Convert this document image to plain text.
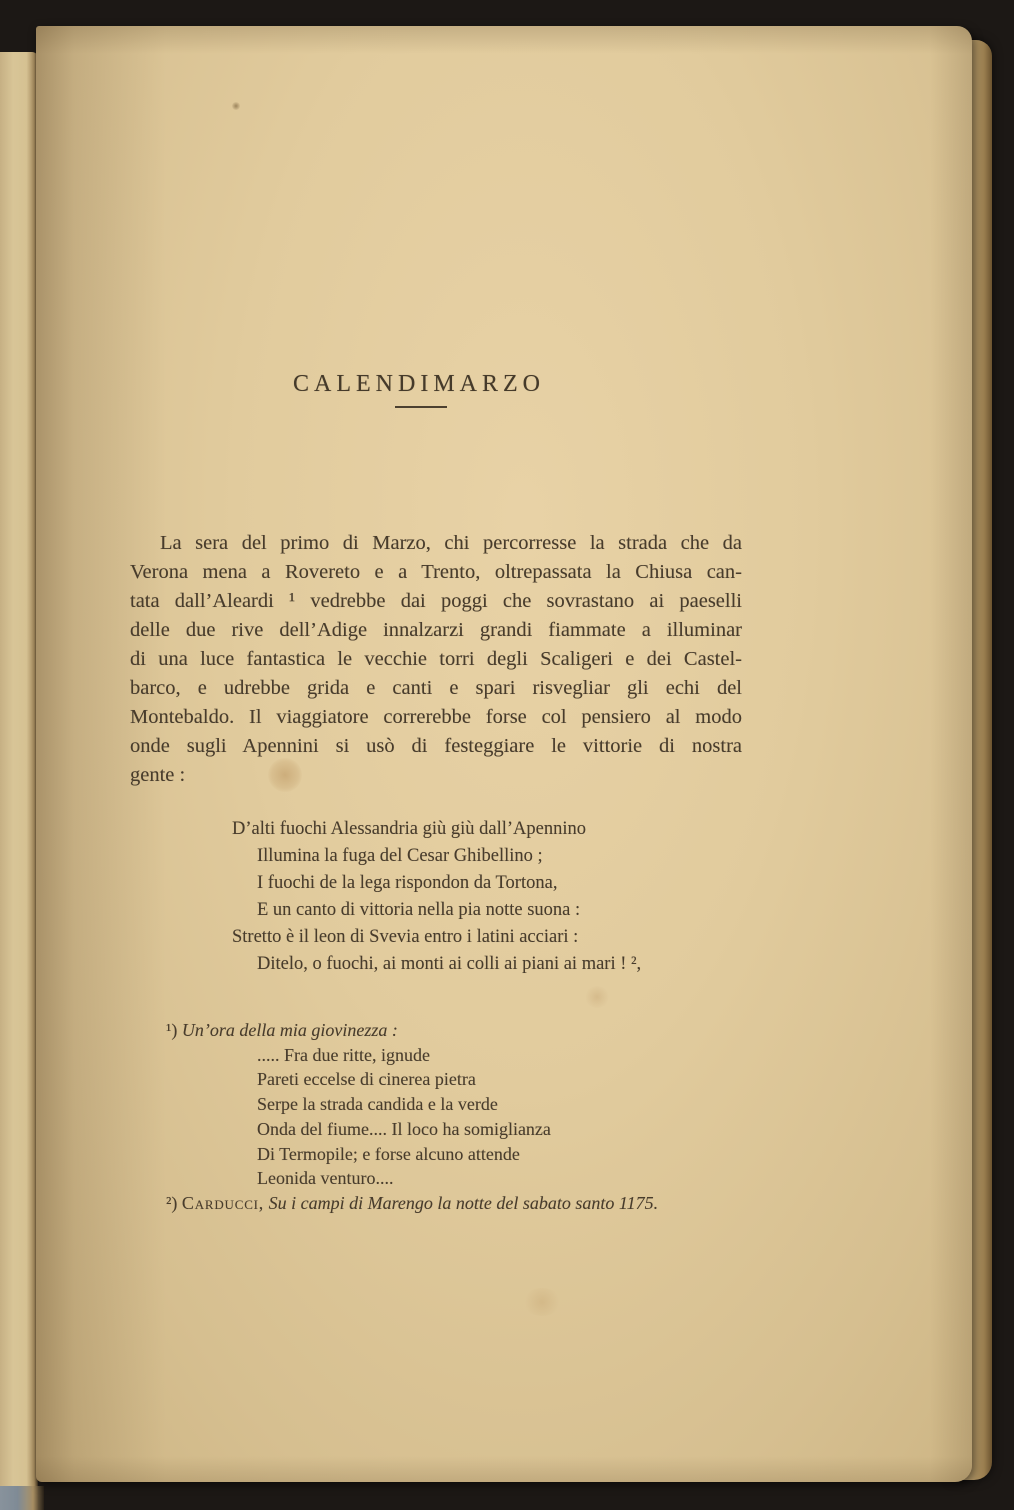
CALENDIMARZO
La sera del primo di Marzo, chi percorresse la strada che da
Verona mena a Rovereto e a Trento, oltrepassata la Chiusa can-
tata dall’Aleardi ¹ vedrebbe dai poggi che sovrastano ai paeselli
delle due rive dell’Adige innalzarzi grandi fiammate a illuminar
di una luce fantastica le vecchie torri degli Scaligeri e dei Castel-
barco, e udrebbe grida e canti e spari risvegliar gli echi del
Montebaldo. Il viaggiatore correrebbe forse col pensiero al modo
onde sugli Apennini si usò di festeggiare le vittorie di nostra
gente :
D’alti fuochi Alessandria giù giù dall’Apennino
Illumina la fuga del Cesar Ghibellino ;
I fuochi de la lega rispondon da Tortona,
E un canto di vittoria nella pia notte suona :
Stretto è il leon di Svevia entro i latini acciari :
Ditelo, o fuochi, ai monti ai colli ai piani ai mari ! ²,
¹) Un’ora della mia giovinezza :
..... Fra due ritte, ignude
Pareti eccelse di cinerea pietra
Serpe la strada candida e la verde
Onda del fiume.... Il loco ha somiglianza
Di Termopile; e forse alcuno attende
Leonida venturo....
²) Carducci, Su i campi di Marengo la notte del sabato santo 1175.
